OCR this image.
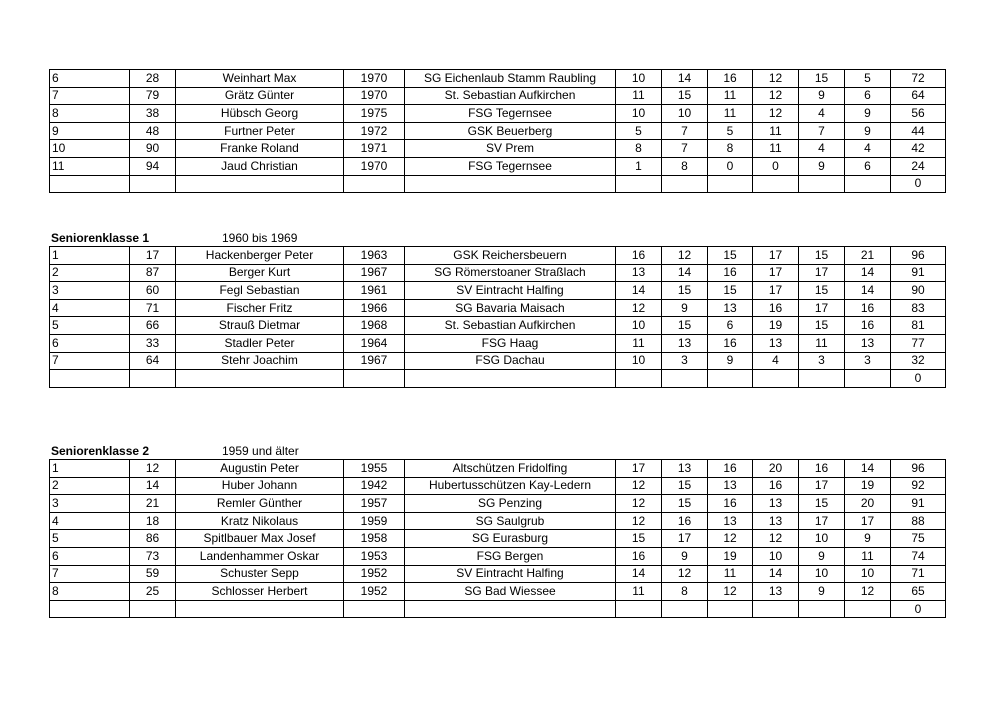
6	28	Weinhart Max	1970	SG Eichenlaub Stamm Raubling	10	14	16	12	15	5	72
7	79	Grätz Günter	1970	St. Sebastian Aufkirchen	11	15	11	12	9	6	64
8	38	Hübsch Georg	1975	FSG Tegernsee	10	10	11	12	4	9	56
9	48	Furtner Peter	1972	GSK Beuerberg	5	7	5	11	7	9	44
10	90	Franke Roland	1971	SV Prem	8	7	8	11	4	4	42
11	94	Jaud Christian	1970	FSG Tegernsee	1	8	0	0	9	6	24
											0
Seniorenklasse 1	1960 bis 1969
1	17	Hackenberger Peter	1963	GSK Reichersbeuern	16	12	15	17	15	21	96
2	87	Berger Kurt	1967	SG Römerstoaner Straßlach	13	14	16	17	17	14	91
3	60	Fegl Sebastian	1961	SV Eintracht Halfing	14	15	15	17	15	14	90
4	71	Fischer Fritz	1966	SG Bavaria Maisach	12	9	13	16	17	16	83
5	66	Strauß Dietmar	1968	St. Sebastian Aufkirchen	10	15	6	19	15	16	81
6	33	Stadler Peter	1964	FSG Haag	11	13	16	13	11	13	77
7	64	Stehr Joachim	1967	FSG Dachau	10	3	9	4	3	3	32
											0
Seniorenklasse 2	1959 und älter
1	12	Augustin Peter	1955	Altschützen Fridolfing	17	13	16	20	16	14	96
2	14	Huber Johann	1942	Hubertusschützen Kay-Ledern	12	15	13	16	17	19	92
3	21	Remler Günther	1957	SG Penzing	12	15	16	13	15	20	91
4	18	Kratz Nikolaus	1959	SG Saulgrub	12	16	13	13	17	17	88
5	86	Spitlbauer Max Josef	1958	SG Eurasburg	15	17	12	12	10	9	75
6	73	Landenhammer Oskar	1953	FSG Bergen	16	9	19	10	9	11	74
7	59	Schuster Sepp	1952	SV Eintracht Halfing	14	12	11	14	10	10	71
8	25	Schlosser Herbert	1952	SG Bad Wiessee	11	8	12	13	9	12	65
											0
